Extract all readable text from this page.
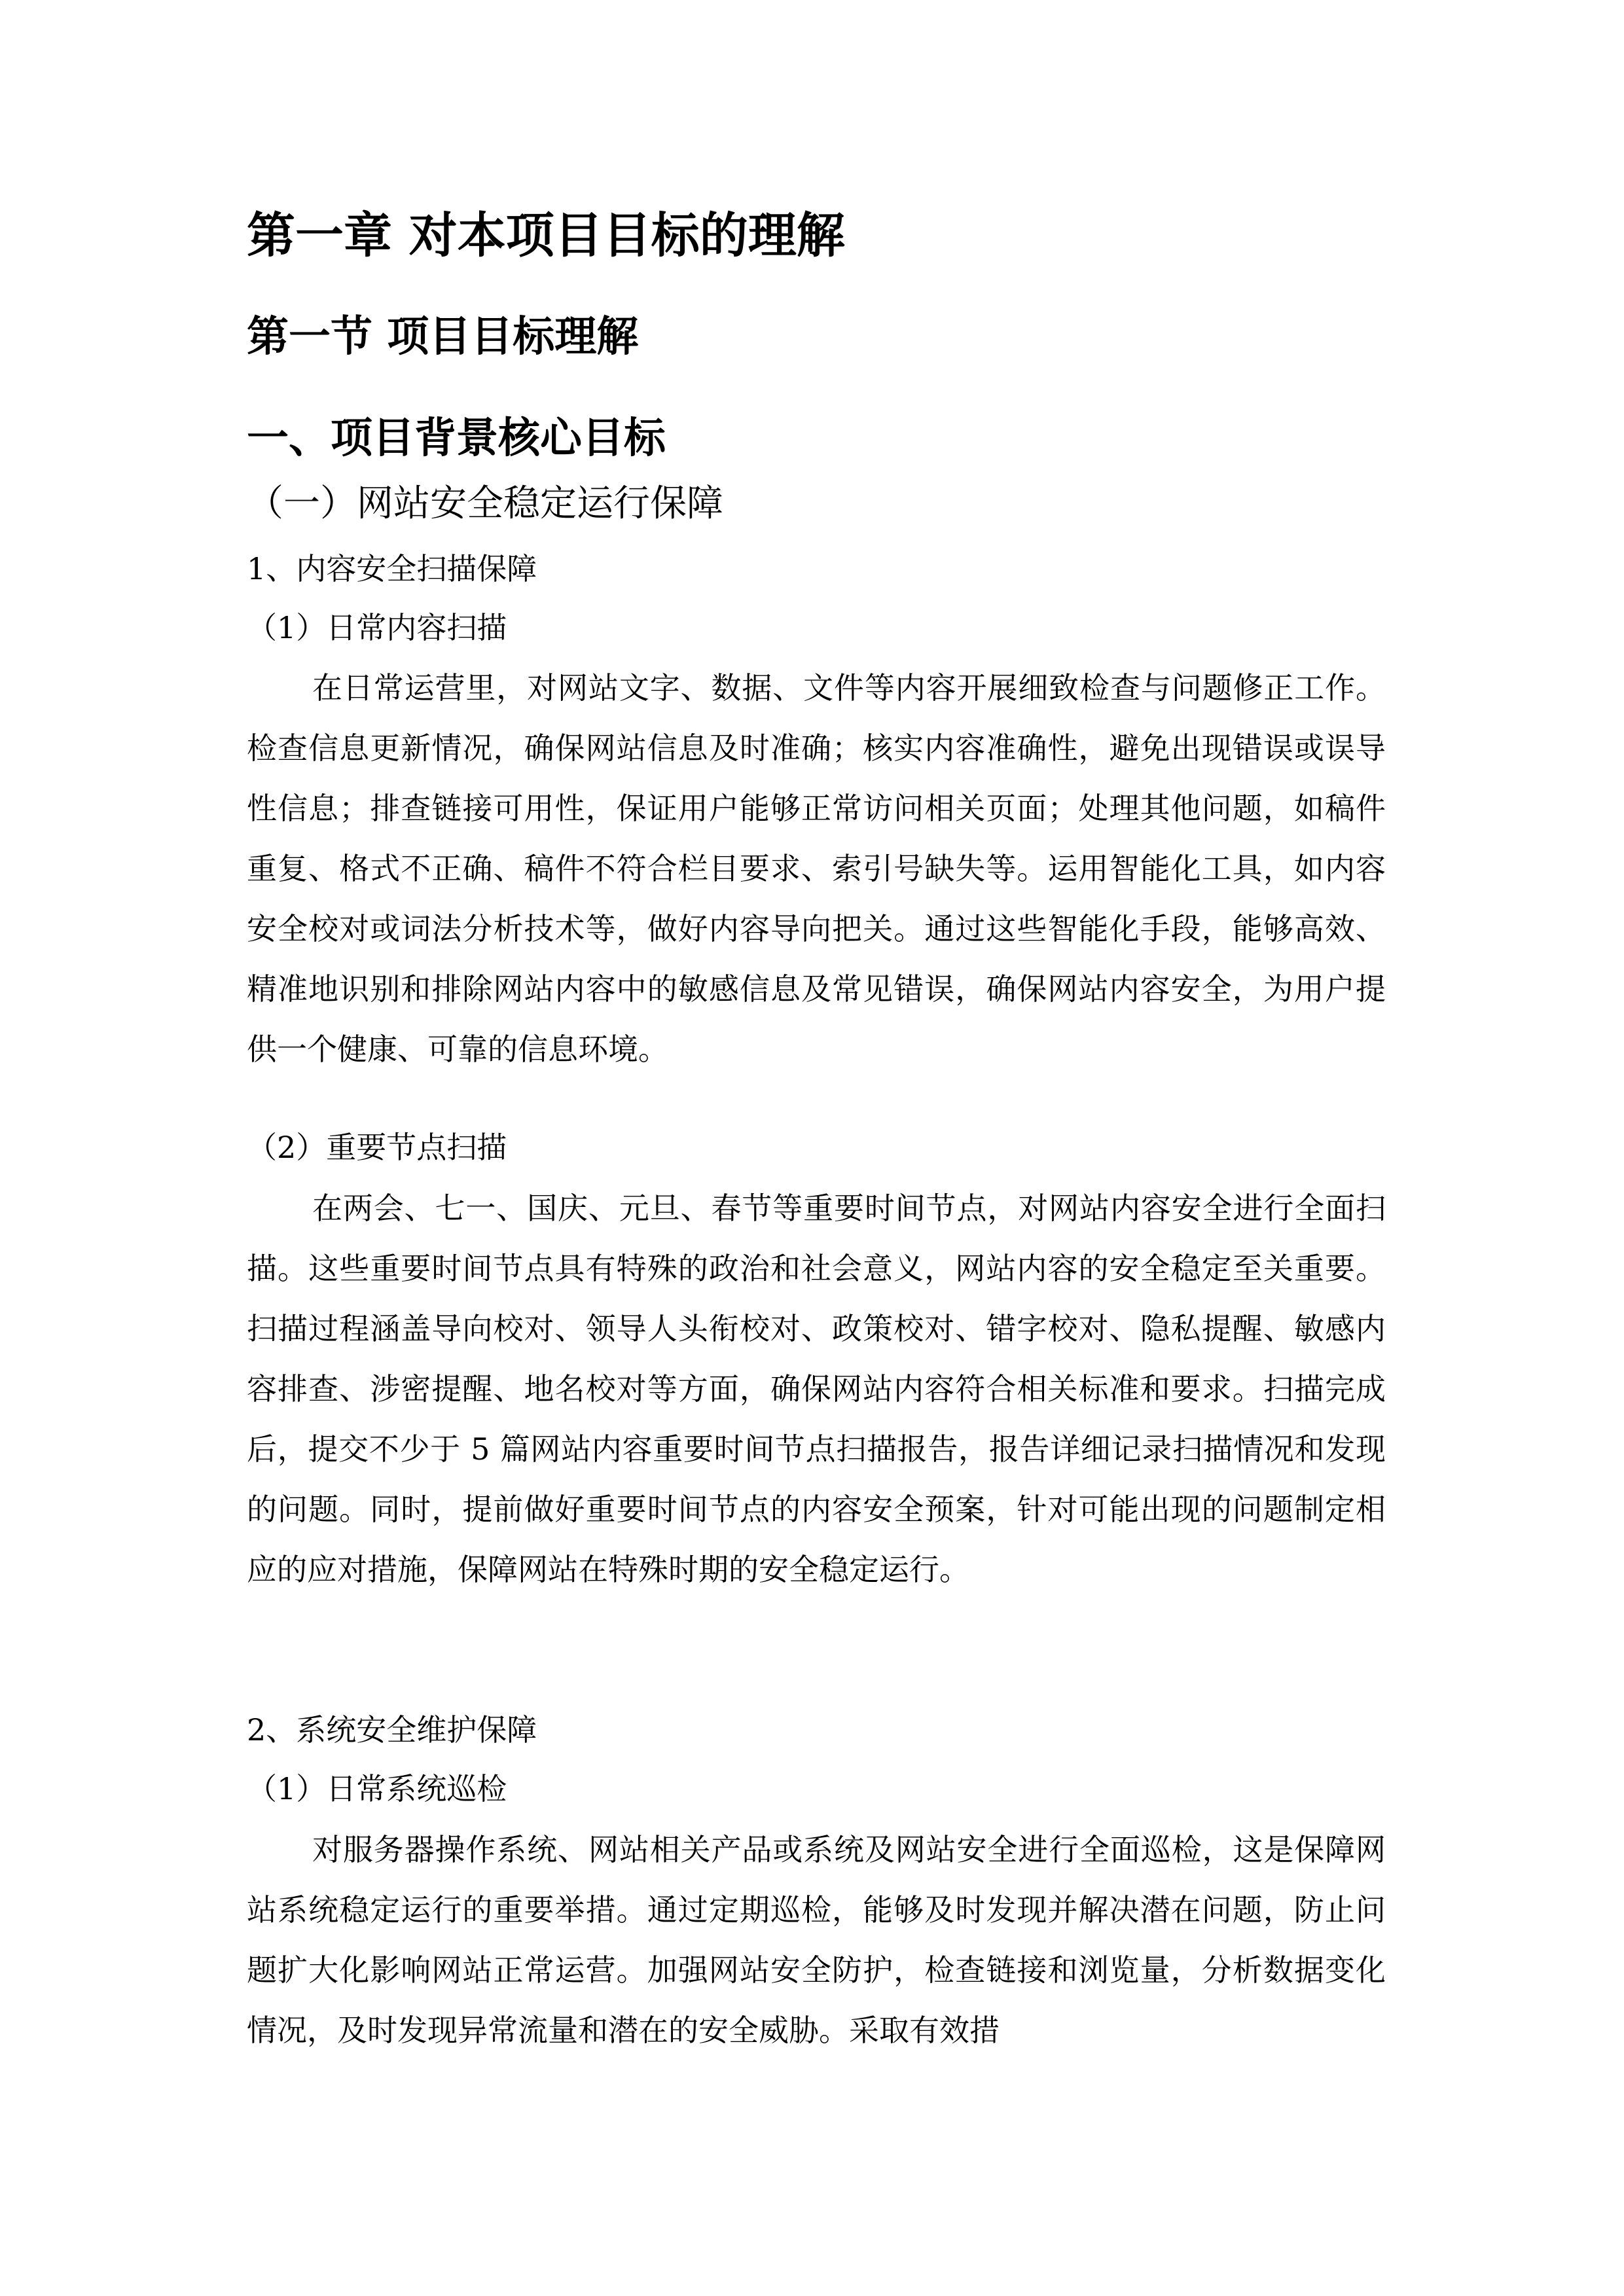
第一章 对本项目目标的理解
第一节 项目目标理解
一、项目背景核心目标
（一）网站安全稳定运行保障
1、内容安全扫描保障
（1）日常内容扫描

在日常运营里，对网站文字、数据、文件等内容开展细致检查与问题修正工作。检查信息更新情况，确保网站信息及时准确；核实内容准确性，避免出现错误或误导性信息；排查链接可用性，保证用户能够正常访问相关页面；处理其他问题，如稿件重复、格式不正确、稿件不符合栏目要求、索引号缺失等。运用智能化工具，如内容安全校对或词法分析技术等，做好内容导向把关。通过这些智能化手段，能够高效、精准地识别和排除网站内容中的敏感信息及常见错误，确保网站内容安全，为用户提供一个健康、可靠的信息环境。

（2）重要节点扫描

在两会、七一、国庆、元旦、春节等重要时间节点，对网站内容安全进行全面扫描。这些重要时间节点具有特殊的政治和社会意义，网站内容的安全稳定至关重要。扫描过程涵盖导向校对、领导人头衔校对、政策校对、错字校对、隐私提醒、敏感内容排查、涉密提醒、地名校对等方面，确保网站内容符合相关标准和要求。扫描完成后，提交不少于 5 篇网站内容重要时间节点扫描报告，报告详细记录扫描情况和发现的问题。同时，提前做好重要时间节点的内容安全预案，针对可能出现的问题制定相应的应对措施，保障网站在特殊时期的安全稳定运行。

2、系统安全维护保障
（1）日常系统巡检

对服务器操作系统、网站相关产品或系统及网站安全进行全面巡检，这是保障网站系统稳定运行的重要举措。通过定期巡检，能够及时发现并解决潜在问题，防止问题扩大化影响网站正常运营。加强网站安全防护，检查链接和浏览量，分析数据变化情况，及时发现异常流量和潜在的安全威胁。采取有效措
